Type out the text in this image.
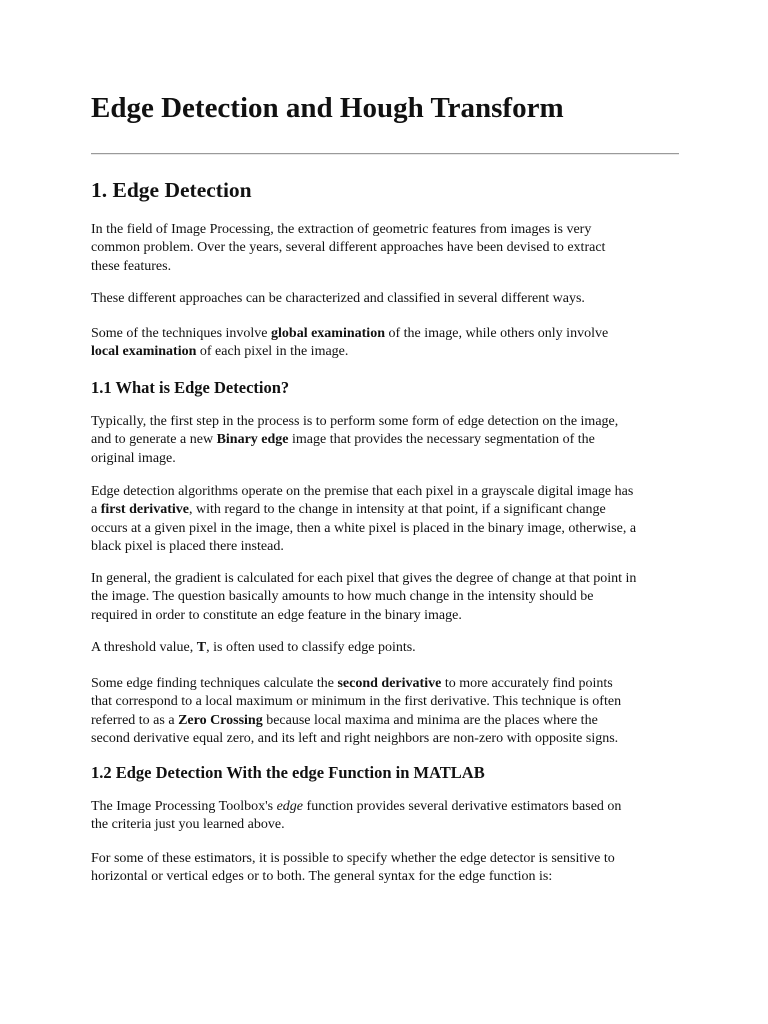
Edge Detection and Hough Transform
1. Edge Detection

In the field of Image Processing, the extraction of geometric features from images is very
common problem. Over the years, several different approaches have been devised to extract
these features.

These different approaches can be characterized and classified in several different ways.

Some of the techniques involve global examination of the image, while others only involve
local examination of each pixel in the image.

1.1 What is Edge Detection?

Typically, the first step in the process is to perform some form of edge detection on the image,
and to generate a new Binary edge image that provides the necessary segmentation of the
original image.

Edge detection algorithms operate on the premise that each pixel in a grayscale digital image has
a first derivative, with regard to the change in intensity at that point, if a significant change
occurs at a given pixel in the image, then a white pixel is placed in the binary image, otherwise, a
black pixel is placed there instead.

In general, the gradient is calculated for each pixel that gives the degree of change at that point in
the image. The question basically amounts to how much change in the intensity should be
required in order to constitute an edge feature in the binary image.

A threshold value, T, is often used to classify edge points.

Some edge finding techniques calculate the second derivative to more accurately find points
that correspond to a local maximum or minimum in the first derivative. This technique is often
referred to as a Zero Crossing because local maxima and minima are the places where the
second derivative equal zero, and its left and right neighbors are non-zero with opposite signs.

1.2 Edge Detection With the edge Function in MATLAB

The Image Processing Toolbox's edge function provides several derivative estimators based on
the criteria just you learned above.

For some of these estimators, it is possible to specify whether the edge detector is sensitive to
horizontal or vertical edges or to both. The general syntax for the edge function is:
